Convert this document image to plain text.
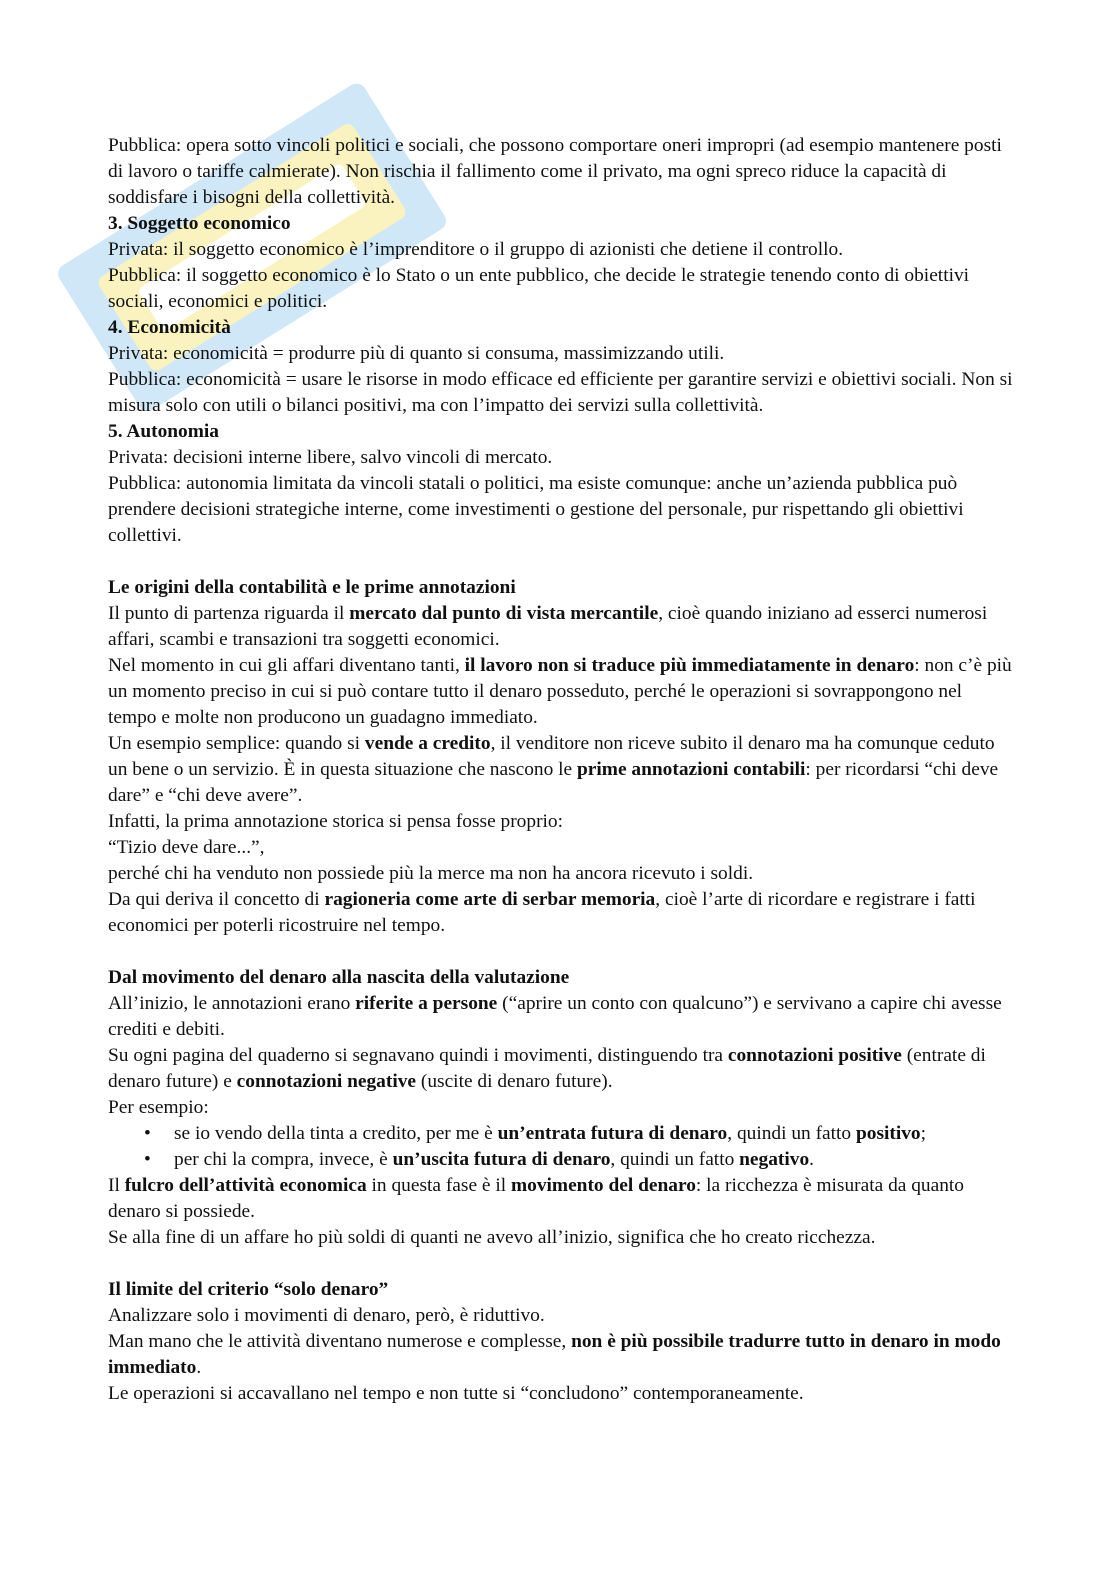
Pubblica: opera sotto vincoli politici e sociali, che possono comportare oneri impropri (ad esempio mantenere posti di lavoro o tariffe calmierate). Non rischia il fallimento come il privato, ma ogni spreco riduce la capacità di soddisfare i bisogni della collettività.

3. Soggetto economico

Privata: il soggetto economico è l’imprenditore o il gruppo di azionisti che detiene il controllo.

Pubblica: il soggetto economico è lo Stato o un ente pubblico, che decide le strategie tenendo conto di obiettivi sociali, economici e politici.

4. Economicità

Privata: economicità = produrre più di quanto si consuma, massimizzando utili.

Pubblica: economicità = usare le risorse in modo efficace ed efficiente per garantire servizi e obiettivi sociali. Non si misura solo con utili o bilanci positivi, ma con l’impatto dei servizi sulla collettività.

5. Autonomia

Privata: decisioni interne libere, salvo vincoli di mercato.

Pubblica: autonomia limitata da vincoli statali o politici, ma esiste comunque: anche un’azienda pubblica può prendere decisioni strategiche interne, come investimenti o gestione del personale, pur rispettando gli obiettivi collettivi.

Le origini della contabilità e le prime annotazioni

Il punto di partenza riguarda il mercato dal punto di vista mercantile, cioè quando iniziano ad esserci numerosi affari, scambi e transazioni tra soggetti economici.

Nel momento in cui gli affari diventano tanti, il lavoro non si traduce più immediatamente in denaro: non c’è più un momento preciso in cui si può contare tutto il denaro posseduto, perché le operazioni si sovrappongono nel tempo e molte non producono un guadagno immediato.

Un esempio semplice: quando si vende a credito, il venditore non riceve subito il denaro ma ha comunque ceduto un bene o un servizio. È in questa situazione che nascono le prime annotazioni contabili: per ricordarsi “chi deve dare” e “chi deve avere”.

Infatti, la prima annotazione storica si pensa fosse proprio:

“Tizio deve dare...”,

perché chi ha venduto non possiede più la merce ma non ha ancora ricevuto i soldi.

Da qui deriva il concetto di ragioneria come arte di serbar memoria, cioè l’arte di ricordare e registrare i fatti economici per poterli ricostruire nel tempo.

Dal movimento del denaro alla nascita della valutazione

All’inizio, le annotazioni erano riferite a persone (“aprire un conto con qualcuno”) e servivano a capire chi avesse crediti e debiti.

Su ogni pagina del quaderno si segnavano quindi i movimenti, distinguendo tra connotazioni positive (entrate di denaro future) e connotazioni negative (uscite di denaro future).

Per esempio:

• se io vendo della tinta a credito, per me è un’entrata futura di denaro, quindi un fatto positivo;
• per chi la compra, invece, è un’uscita futura di denaro, quindi un fatto negativo.

Il fulcro dell’attività economica in questa fase è il movimento del denaro: la ricchezza è misurata da quanto denaro si possiede.

Se alla fine di un affare ho più soldi di quanti ne avevo all’inizio, significa che ho creato ricchezza.

Il limite del criterio “solo denaro”

Analizzare solo i movimenti di denaro, però, è riduttivo.

Man mano che le attività diventano numerose e complesse, non è più possibile tradurre tutto in denaro in modo immediato.

Le operazioni si accavallano nel tempo e non tutte si “concludono” contemporaneamente.
